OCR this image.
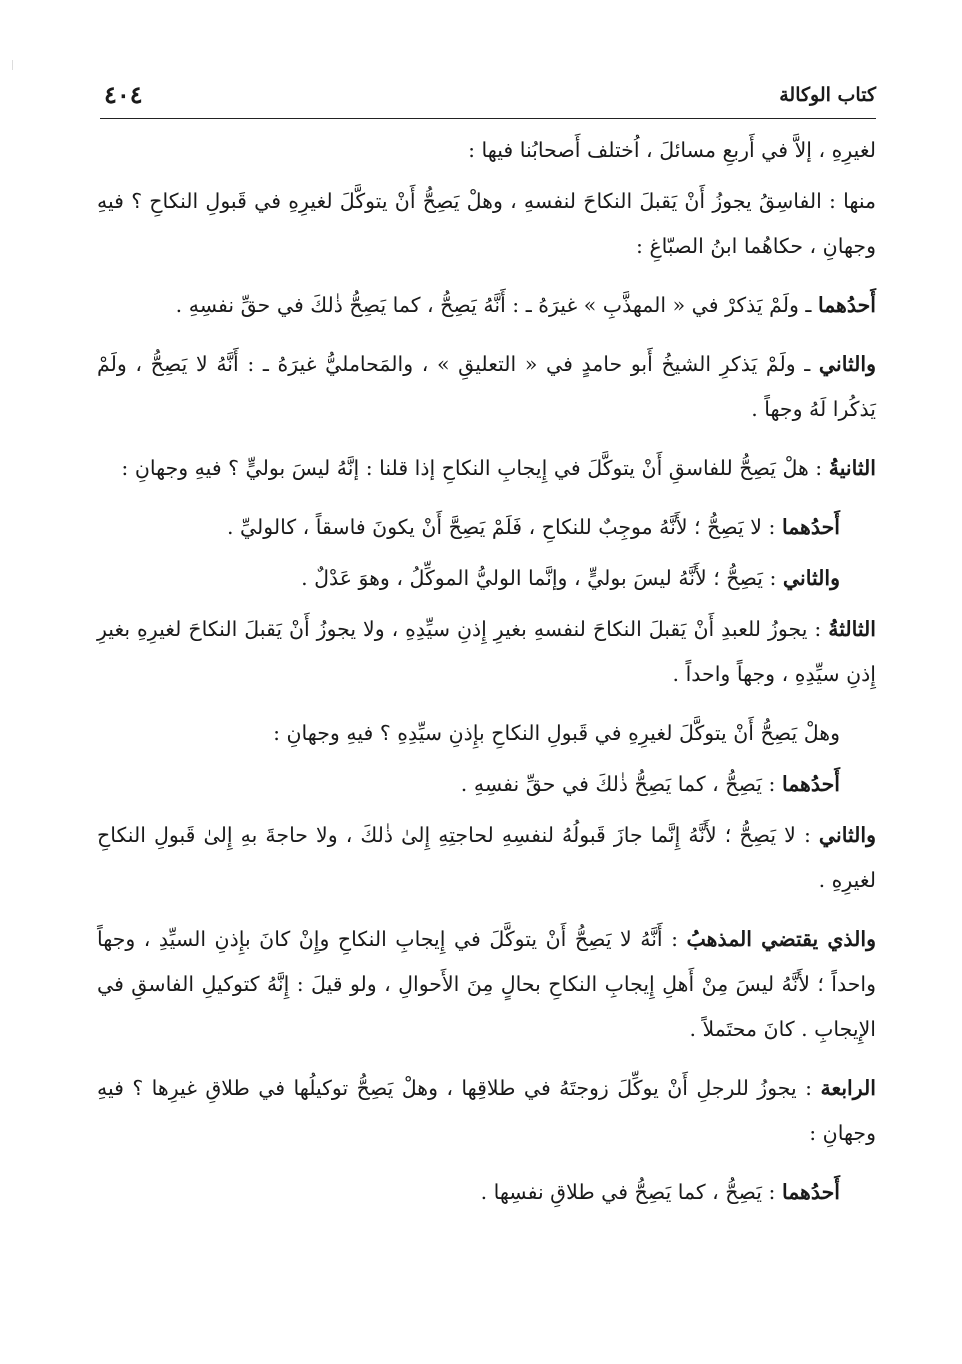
كتاب الوكالة
٤٠٤

لغيرِهِ ، إلاَّ في أَربعِ مسائلَ ، اُختلف أَصحابُنا فيها :

منها : الفاسِقُ يجوزُ أَنْ يَقبلَ النكاحَ لنفسهِ ، وهلْ يَصِحُّ أَنْ يتوكَّلَ لغيرِهِ في قَبولِ النكاحِ ؟ فيهِ وجهانِ ، حكاهُما ابنُ الصبّاغِ :

أَحدُهما ـ ولَمْ يَذكرْ في « المهذَّبِ » غيرَهُ ـ : أَنَّهُ يَصِحُّ ، كما يَصِحُّ ذٰلكَ في حقِّ نفسِهِ .

والثاني ـ ولَمْ يَذكرِ الشيخُ أَبو حامدٍ في « التعليقِ » ، والمَحامليُّ غيرَهُ ـ : أَنَّهُ لا يَصِحُّ ، ولَمْ يَذكُرا لَهُ وجهاً .

الثانيةُ : هلْ يَصِحُّ للفاسقِ أَنْ يتوكَّلَ في إِيجابِ النكاحِ إذا قلنا : إنَّهُ ليسَ بوليٍّ ؟ فيهِ وجهانِ :

أَحدُهما : لا يَصِحُّ ؛ لأَنَّهُ موجِبٌ للنكاحِ ، فَلَمْ يَصِحَّ أَنْ يكونَ فاسقاً ، كالوليِّ .

والثاني : يَصِحُّ ؛ لأَنَّهُ ليسَ بوليٍّ ، وإنَّما الوليُّ الموكِّلُ ، وهوَ عَدْلٌ .

الثالثةُ : يجوزُ للعبدِ أَنْ يَقبلَ النكاحَ لنفسهِ بغيرِ إِذنِ سيِّدِهِ ، ولا يجوزُ أَنْ يَقبلَ النكاحَ لغيرِهِ بغيرِ إِذنِ سيِّدِهِ ، وجهاً واحداً .

وهلْ يَصِحُّ أَنْ يتوكَّلَ لغيرِهِ في قَبولِ النكاحِ بإِذنِ سيِّدِهِ ؟ فيهِ وجهانِ :

أَحدُهما : يَصِحُّ ، كما يَصِحُّ ذٰلكَ في حقِّ نفسِهِ .

والثاني : لا يَصِحُّ ؛ لأَنَّهُ إِنَّما جازَ قَبولُهُ لنفسِهِ لحاجتِهِ إِلىٰ ذٰلكَ ، ولا حاجةَ بهِ إِلىٰ قَبولِ النكاحِ لغيرِهِ .

والذي يقتضي المذهبُ : أَنَّهُ لا يَصِحُّ أَنْ يتوكَّلَ في إِيجابِ النكاحِ وإِنْ كانَ بإِذنِ السيِّدِ ، وجهاً واحداً ؛ لأَنَّهُ ليسَ مِنْ أَهلِ إِيجابِ النكاحِ بحالٍ مِنَ الأَحوالِ ، ولو قيلَ : إِنَّهُ كتوكيلِ الفاسقِ في الإِيجابِ . كانَ محتَملاً .

الرابعة : يجوزُ للرجلِ أَنْ يوكِّلَ زوجتَهُ في طلاقِها ، وهلْ يَصِحُّ توكيلُها في طلاقِ غيرِها ؟ فيهِ وجهانِ :

أَحدُهما : يَصِحُّ ، كما يَصِحُّ في طلاقِ نفسِها .
